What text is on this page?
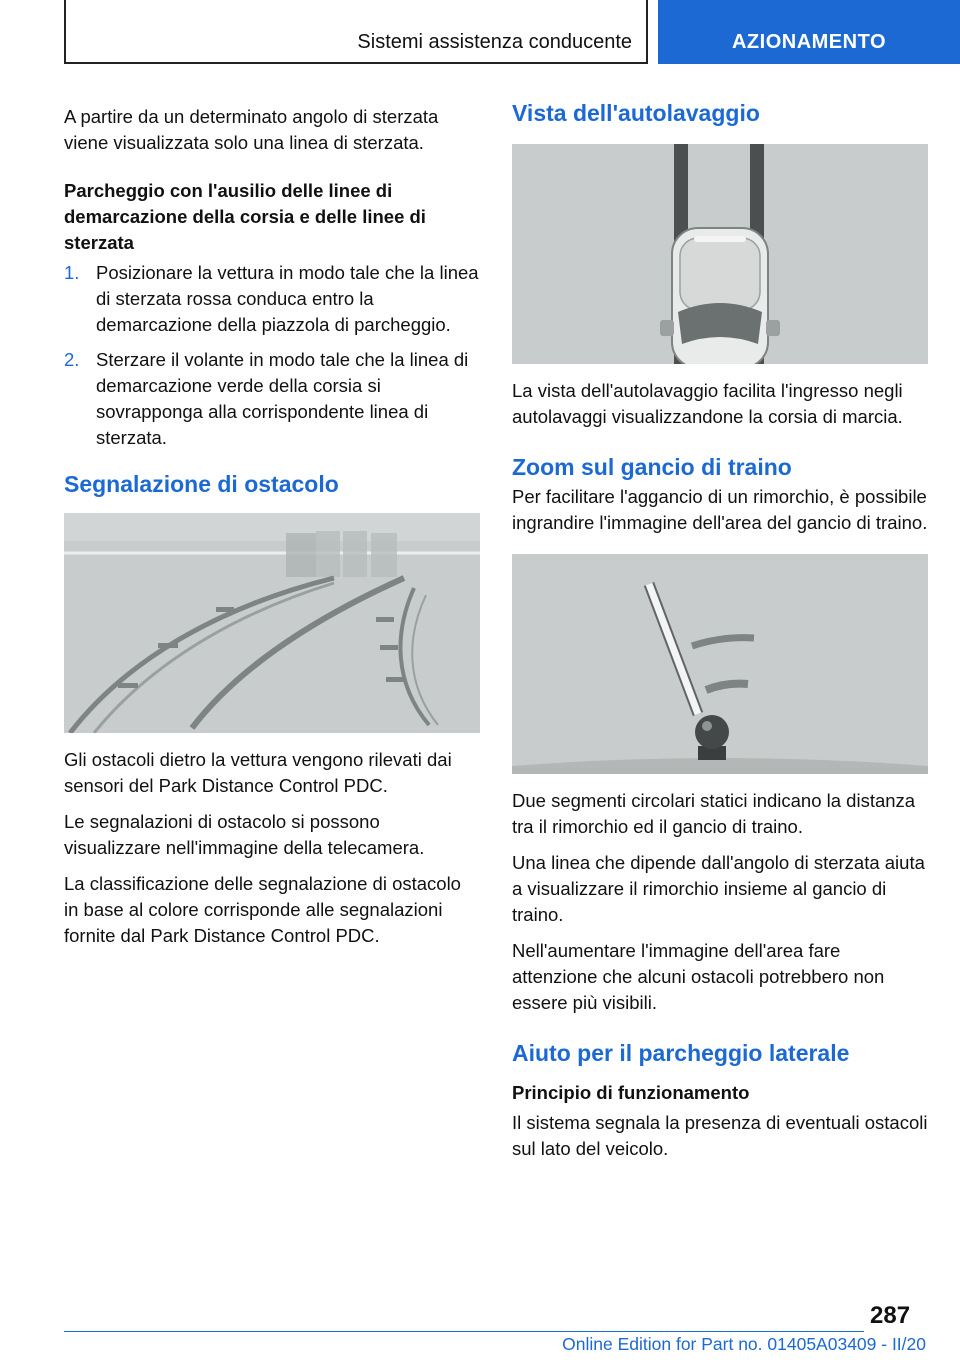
Sistemi assistenza conducente	AZIONAMENTO

A partire da un determinato angolo di sterzata viene visualizzata solo una linea di sterzata.

Parcheggio con l'ausilio delle linee di demarcazione della corsia e delle linee di sterzata
1. Posizionare la vettura in modo tale che la linea di sterzata rossa conduca entro la demarcazione della piazzola di parcheggio.
2. Sterzare il volante in modo tale che la linea di demarcazione verde della corsia si sovrapponga alla corrispondente linea di sterzata.
Segnalazione di ostacolo

Gli ostacoli dietro la vettura vengono rilevati dai sensori del Park Distance Control PDC.

Le segnalazioni di ostacolo si possono visualizzare nell'immagine della telecamera.

La classificazione delle segnalazione di ostacolo in base al colore corrisponde alle segnalazioni fornite dal Park Distance Control PDC.

Vista dell'autolavaggio

La vista dell'autolavaggio facilita l'ingresso negli autolavaggi visualizzandone la corsia di marcia.

Zoom sul gancio di traino

Per facilitare l'aggancio di un rimorchio, è possibile ingrandire l'immagine dell'area del gancio di traino.

Due segmenti circolari statici indicano la distanza tra il rimorchio ed il gancio di traino.

Una linea che dipende dall'angolo di sterzata aiuta a visualizzare il rimorchio insieme al gancio di traino.

Nell'aumentare l'immagine dell'area fare attenzione che alcuni ostacoli potrebbero non essere più visibili.

Aiuto per il parcheggio laterale
Principio di funzionamento

Il sistema segnala la presenza di eventuali ostacoli sul lato del veicolo.

287
Online Edition for Part no. 01405A03409 - II/20
